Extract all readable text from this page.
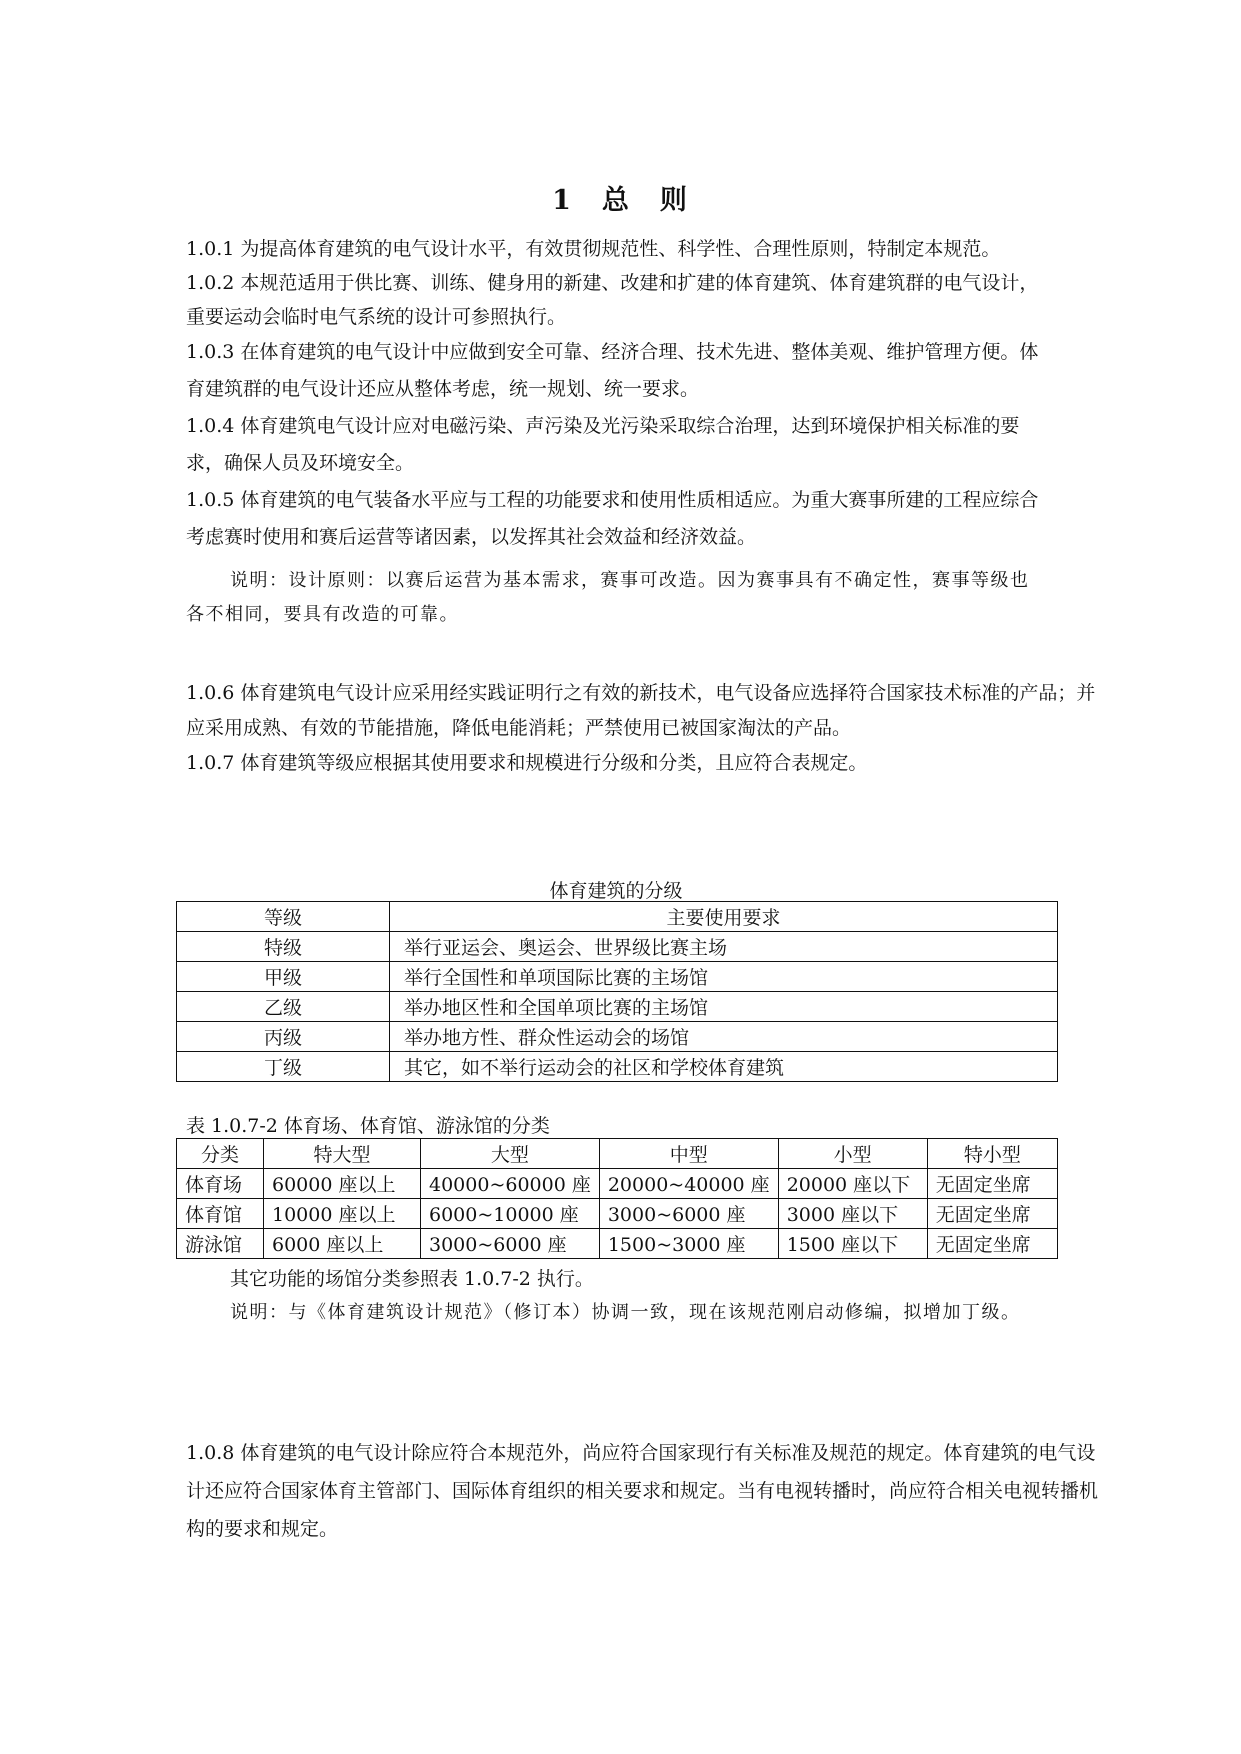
1　总　则

1.0.1 为提高体育建筑的电气设计水平，有效贯彻规范性、科学性、合理性原则，特制定本规范。

1.0.2 本规范适用于供比赛、训练、健身用的新建、改建和扩建的体育建筑、体育建筑群的电气设计，重要运动会临时电气系统的设计可参照执行。

1.0.3 在体育建筑的电气设计中应做到安全可靠、经济合理、技术先进、整体美观、维护管理方便。体育建筑群的电气设计还应从整体考虑，统一规划、统一要求。

1.0.4 体育建筑电气设计应对电磁污染、声污染及光污染采取综合治理，达到环境保护相关标准的要求，确保人员及环境安全。

1.0.5 体育建筑的电气装备水平应与工程的功能要求和使用性质相适应。为重大赛事所建的工程应综合考虑赛时使用和赛后运营等诸因素，以发挥其社会效益和经济效益。

说明：设计原则：以赛后运营为基本需求，赛事可改造。因为赛事具有不确定性，赛事等级也各不相同，要具有改造的可靠。

1.0.6 体育建筑电气设计应采用经实践证明行之有效的新技术，电气设备应选择符合国家技术标准的产品；并应采用成熟、有效的节能措施，降低电能消耗；严禁使用已被国家淘汰的产品。

1.0.7 体育建筑等级应根据其使用要求和规模进行分级和分类，且应符合表规定。

体育建筑的分级
等级	主要使用要求
特级	举行亚运会、奥运会、世界级比赛主场
甲级	举行全国性和单项国际比赛的主场馆
乙级	举办地区性和全国单项比赛的主场馆
丙级	举办地方性、群众性运动会的场馆
丁级	其它，如不举行运动会的社区和学校体育建筑
表 1.0.7-2 体育场、体育馆、游泳馆的分类
分类	特大型	大型	中型	小型	特小型
体育场	60000 座以上	40000~60000 座	20000~40000 座	20000 座以下	无固定坐席
体育馆	10000 座以上	6000~10000 座	3000~6000 座	3000 座以下	无固定坐席
游泳馆	6000 座以上	3000~6000 座	1500~3000 座	1500 座以下	无固定坐席

其它功能的场馆分类参照表 1.0.7-2 执行。

说明：与《体育建筑设计规范》（修订本）协调一致，现在该规范刚启动修编，拟增加丁级。

1.0.8 体育建筑的电气设计除应符合本规范外，尚应符合国家现行有关标准及规范的规定。体育建筑的电气设计还应符合国家体育主管部门、国际体育组织的相关要求和规定。当有电视转播时，尚应符合相关电视转播机构的要求和规定。
